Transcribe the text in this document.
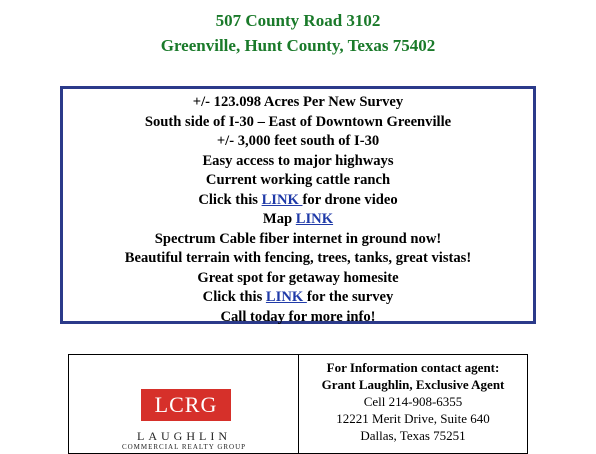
507 County Road 3102
Greenville, Hunt County, Texas 75402
+/- 123.098 Acres Per New Survey
South side of I-30 – East of Downtown Greenville
+/- 3,000 feet south of I-30
Easy access to major highways
Current working cattle ranch
Click this LINK for drone video
Map LINK
Spectrum Cable fiber internet in ground now!
Beautiful terrain with fencing, trees, tanks, great vistas!
Great spot for getaway homesite
Click this LINK for the survey
Call today for more info!
LCRG
LAUGHLIN
COMMERCIAL REALTY GROUP
For Information contact agent:
Grant Laughlin, Exclusive Agent
Cell 214-908-6355
12221 Merit Drive, Suite 640
Dallas, Texas 75251
